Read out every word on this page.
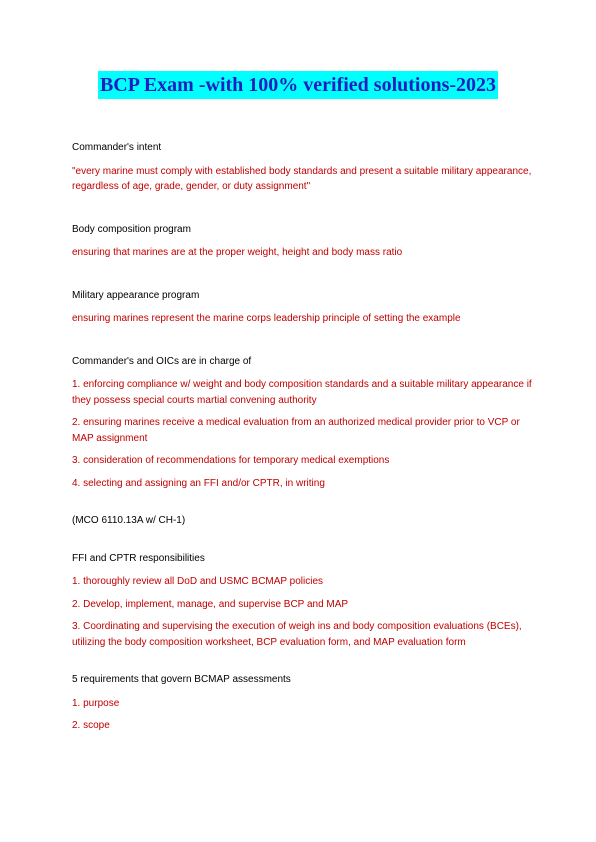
BCP Exam -with 100% verified solutions-2023

Commander's intent

"every marine must comply with established body standards and present a suitable military appearance, regardless of age, grade, gender, or duty assignment"

Body composition program

ensuring that marines are at the proper weight, height and body mass ratio

Military appearance program

ensuring marines represent the marine corps leadership principle of setting the example

Commander's and OICs are in charge of

1. enforcing compliance w/ weight and body composition standards and a suitable military appearance if they possess special courts martial convening authority

2. ensuring marines receive a medical evaluation from an authorized medical provider prior to VCP or MAP assignment

3. consideration of recommendations for temporary medical exemptions

4. selecting and assigning an FFI and/or CPTR, in writing

(MCO 6110.13A w/ CH-1)

FFI and CPTR responsibilities

1. thoroughly review all DoD and USMC BCMAP policies

2. Develop, implement, manage, and supervise BCP and MAP

3. Coordinating and supervising the execution of weigh ins and body composition evaluations (BCEs), utilizing the body composition worksheet, BCP evaluation form, and MAP evaluation form

5 requirements that govern BCMAP assessments

1. purpose

2. scope
